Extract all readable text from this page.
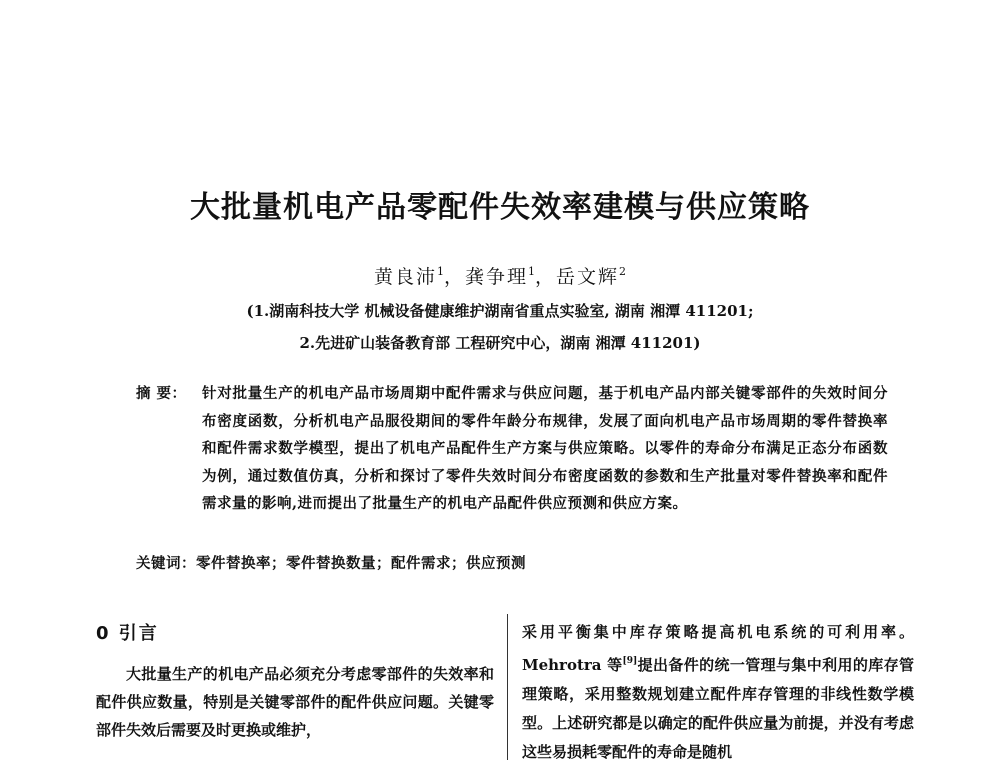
大批量机电产品零配件失效率建模与供应策略
黄良沛$^1$，龚争理$^1$，岳文辉$^2$
(1.湖南科技大学 机械设备健康维护湖南省重点实验室, 湖南 湘潭 411201;
2.先进矿山装备教育部 工程研究中心，湖南 湘潭 411201)
摘 要：	针对批量生产的机电产品市场周期中配件需求与供应问题，基于机电产品内部关键零部件的失效时间分布密度函数，分析机电产品服役期间的零件年龄分布规律，发展了面向机电产品市场周期的零件替换率和配件需求数学模型，提出了机电产品配件生产方案与供应策略。以零件的寿命分布满足正态分布函数为例，通过数值仿真，分析和探讨了零件失效时间分布密度函数的参数和生产批量对零件替换率和配件需求量的影响,进而提出了批量生产的机电产品配件供应预测和供应方案。
关键词：零件替换率；零件替换数量；配件需求；供应预测
0 引言

大批量生产的机电产品必须充分考虑零部件的失效率和配件供应数量，特别是关键零部件的配件供应问题。关键零部件失效后需要及时更换或维护，

采用平衡集中库存策略提高机电系统的可利用率。Mehrotra 等[9]提出备件的统一管理与集中利用的库存管理策略，采用整数规划建立配件库存管理的非线性数学模型。上述研究都是以确定的配件供应量为前提，并没有考虑这些易损耗零配件的寿命是随机
